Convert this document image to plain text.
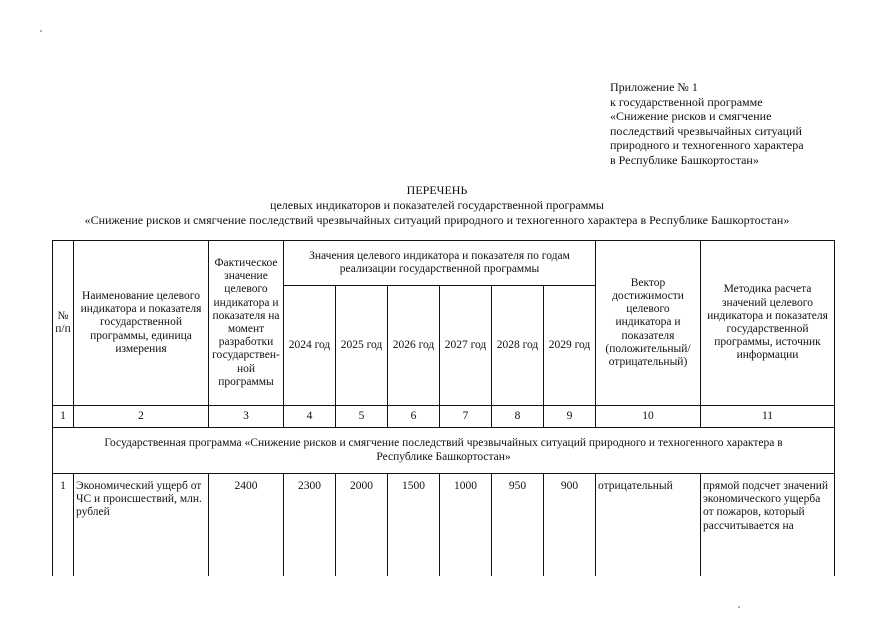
Приложение № 1
к государственной программе
«Снижение рисков и смягчение
последствий чрезвычайных ситуаций
природного и техногенного характера
в Республике Башкортостан»
ПЕРЕЧЕНЬ
целевых индикаторов и показателей государственной программы
«Снижение рисков и смягчение последствий чрезвычайных ситуаций природного и техногенного характера в Республике Башкортостан»
№ п/п	Наименование целевого индикатора и показателя государственной программы, единица измерения	Фактическое значение целевого индикатора и показателя на момент разработки государствен-ной программы	Значения целевого индикатора и показателя по годам реализации государственной программы						Вектор достижимости целевого индикатора и показателя (положительный/ отрицательный)	Методика расчета значений целевого индикатора и показателя государственной программы, источник информации
			2024 год	2025 год	2026 год	2027 год	2028 год	2029 год		
1	2	3	4	5	6	7	8	9	10	11
Государственная программа «Снижение рисков и смягчение последствий чрезвычайных ситуаций природного и техногенного характера в Республике Башкортостан»										
1	Экономический ущерб от ЧС и происшествий, млн. рублей	2400	2300	2000	1500	1000	950	900	отрицательный	прямой подсчет значений экономического ущерба от пожаров, который рассчитывается на
